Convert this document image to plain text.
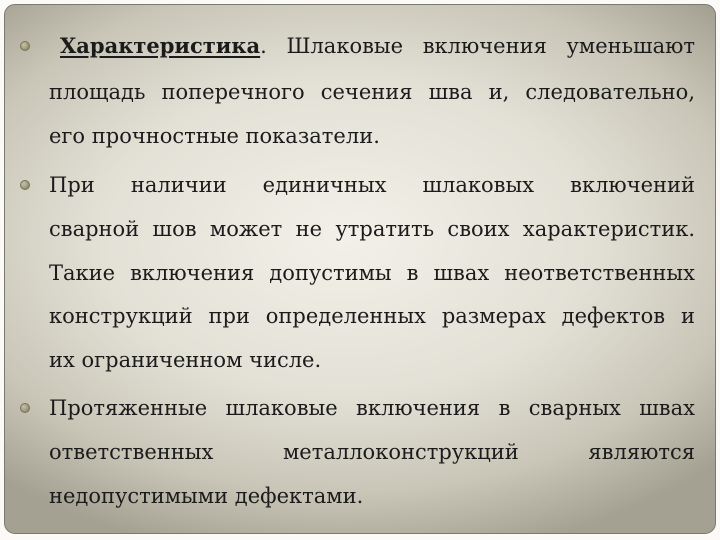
Характеристика. Шлаковые включения уменьшают
площадь поперечного сечения шва и, следовательно,
его прочностные показатели.
При наличии единичных шлаковых включений
сварной шов может не утратить своих характеристик.
Такие включения допустимы в швах неответственных
конструкций при определенных размерах дефектов и
их ограниченном числе.
Протяженные шлаковые включения в сварных швах
ответственных металлоконструкций являются
недопустимыми дефектами.
